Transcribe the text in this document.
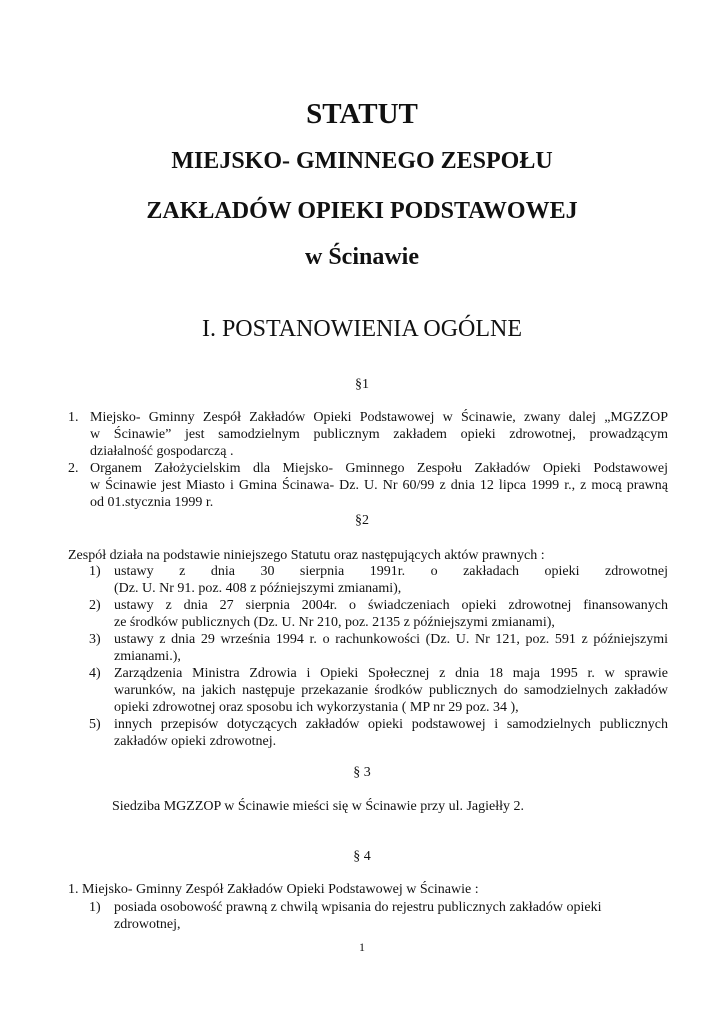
STATUT
MIEJSKO- GMINNEGO ZESPOŁU
ZAKŁADÓW OPIEKI PODSTAWOWEJ
w Ścinawie
I. POSTANOWIENIA OGÓLNE
§1
1. Miejsko- Gminny Zespół Zakładów Opieki Podstawowej w Ścinawie, zwany dalej „MGZZOP
w Ścinawie” jest samodzielnym publicznym zakładem opieki zdrowotnej, prowadzącym
działalność gospodarczą .
2. Organem Założycielskim dla Miejsko- Gminnego Zespołu Zakładów Opieki Podstawowej
w Ścinawie jest Miasto i Gmina Ścinawa- Dz. U. Nr 60/99 z dnia 12 lipca 1999 r., z mocą prawną
od 01.stycznia 1999 r.
§2
Zespół działa na podstawie niniejszego Statutu oraz następujących aktów prawnych :
1) ustawy     z     dnia     30     sierpnia     1991r.     o     zakładach     opieki     zdrowotnej
(Dz. U. Nr 91. poz. 408 z późniejszymi zmianami),
2) ustawy z dnia 27 sierpnia 2004r. o świadczeniach opieki zdrowotnej finansowanych
ze środków publicznych (Dz. U. Nr 210, poz. 2135 z późniejszymi zmianami),
3) ustawy z dnia 29 września 1994 r. o rachunkowości (Dz. U. Nr 121, poz. 591 z późniejszymi
zmianami.),
4) Zarządzenia Ministra Zdrowia i Opieki Społecznej z dnia 18 maja 1995 r. w sprawie
warunków, na jakich następuje przekazanie środków publicznych do samodzielnych zakładów
opieki zdrowotnej oraz sposobu ich wykorzystania ( MP nr 29 poz. 34 ),
5) innych przepisów dotyczących zakładów opieki podstawowej i samodzielnych publicznych
zakładów opieki zdrowotnej.
§ 3
Siedziba MGZZOP w Ścinawie mieści się w Ścinawie przy ul. Jagiełły 2.
§ 4
1. Miejsko- Gminny Zespół Zakładów Opieki Podstawowej w Ścinawie :
1) posiada osobowość prawną z chwilą wpisania do rejestru publicznych zakładów opieki
zdrowotnej,
1
